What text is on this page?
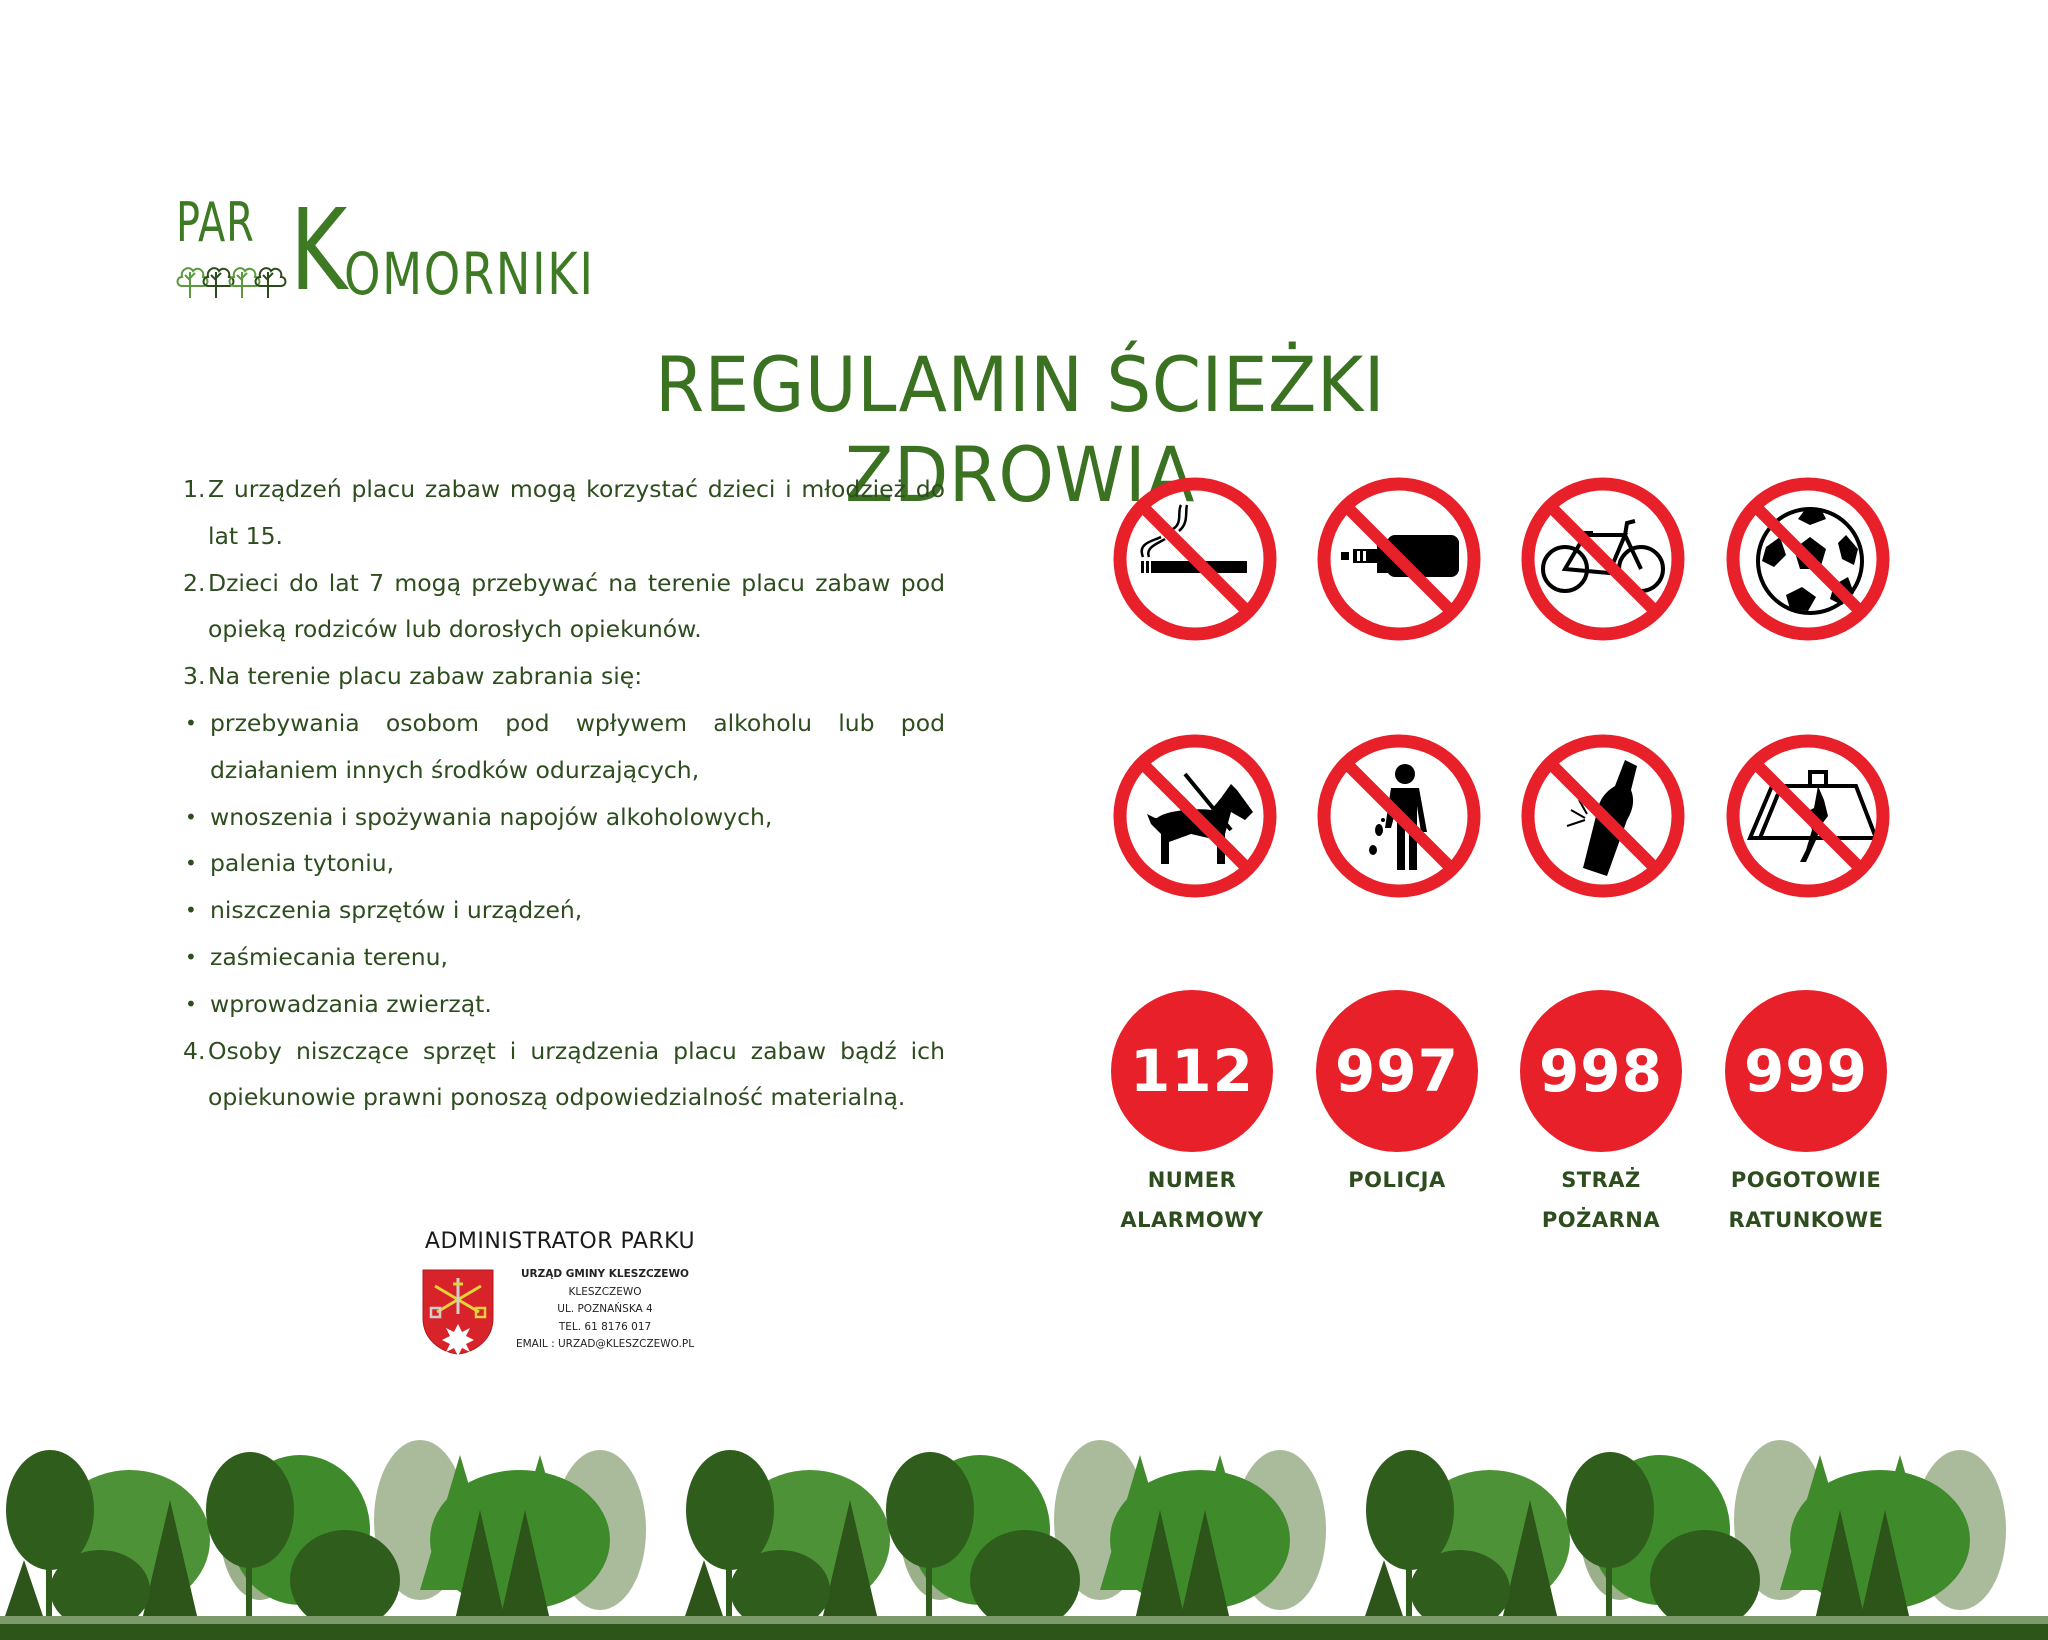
PAR K
OMORNIKI
REGULAMIN ŚCIEŻKI ZDROWIA
1. Z urządzeń placu zabaw mogą korzystać dzieci i młodzież do lat 15.
2. Dzieci do lat 7 mogą przebywać na terenie placu zabaw pod opieką rodziców lub dorosłych opiekunów.
3. Na terenie placu zabaw zabrania się:
• przebywania osobom pod wpływem alkoholu lub pod działaniem innych środków odurzających,
• wnoszenia i spożywania napojów alkoholowych,
• palenia tytoniu,
• niszczenia sprzętów i urządzeń,
• zaśmiecania terenu,
• wprowadzania zwierząt.
4. Osoby niszczące sprzęt i urządzenia placu zabaw bądź ich opiekunowie prawni ponoszą odpowiedzialność materialną.	112
NUMER
ALARMOWY
997
POLICJA
998
STRAŻ
POŻARNA
999
POGOTOWIE
RATUNKOWE
ADMINISTRATOR PARKU
URZĄD GMINY KLESZCZEWO
KLESZCZEWO
UL. POZNAŃSKA 4
TEL. 61 8176 017
EMAIL : URZAD@KLESZCZEWO.PL
